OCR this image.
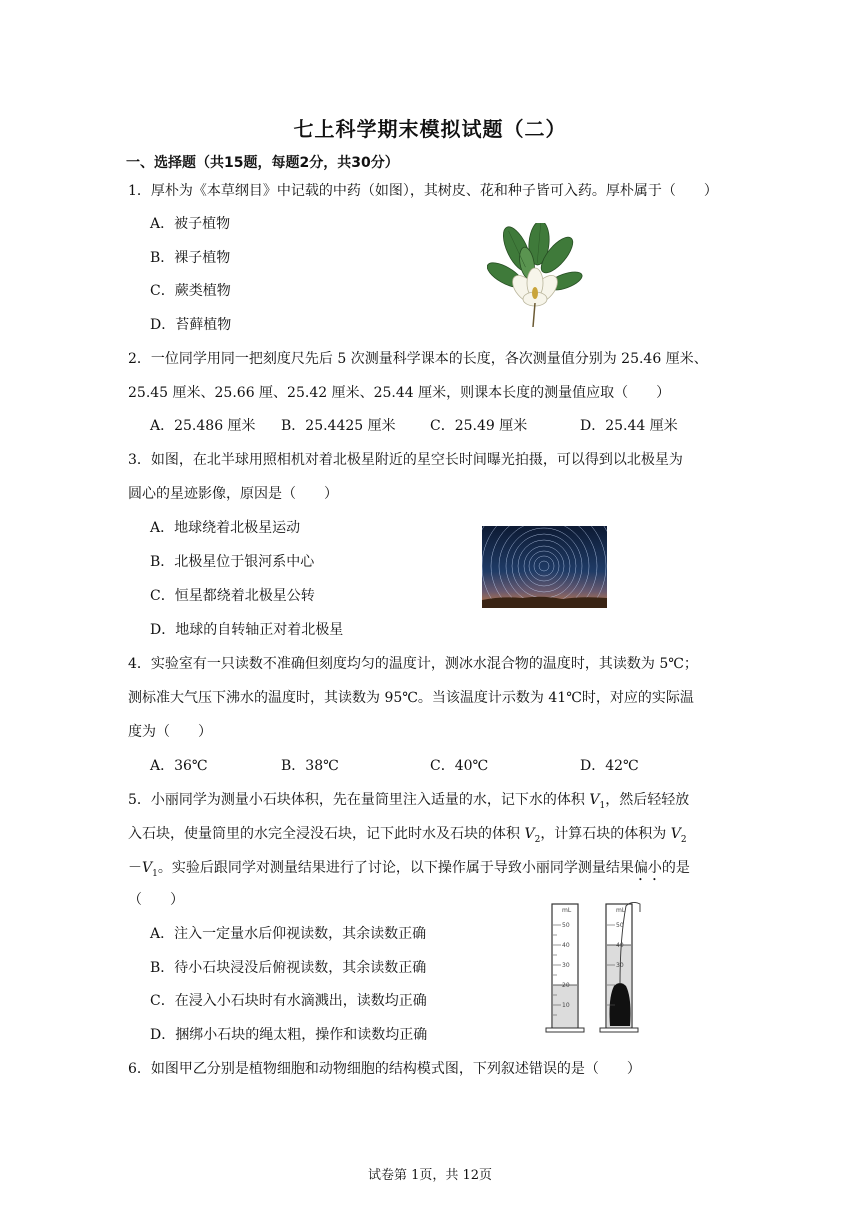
七上科学期末模拟试题（二）
一、选择题（共15题，每题2分，共30分）
1．厚朴为《本草纲目》中记载的中药（如图），其树皮、花和种子皆可入药。厚朴属于（　　）
A．被子植物
B．裸子植物
C．蕨类植物
D．苔藓植物
2．一位同学用同一把刻度尺先后 5 次测量科学课本的长度，各次测量值分别为 25.46 厘米、
25.45 厘米、25.66 厘、25.42 厘米、25.44 厘米，则课本长度的测量值应取（　　）
A．25.486 厘米 B．25.4425 厘米 C．25.49 厘米	D．25.44 厘米
3．如图，在北半球用照相机对着北极星附近的星空长时间曝光拍摄，可以得到以北极星为
圆心的星迹影像，原因是（　　）
A．地球绕着北极星运动
B．北极星位于银河系中心
C．恒星都绕着北极星公转
D．地球的自转轴正对着北极星
4．实验室有一只读数不准确但刻度均匀的温度计，测冰水混合物的温度时，其读数为 5℃；
测标准大气压下沸水的温度时，其读数为 95℃。当该温度计示数为 41℃时，对应的实际温
度为（　　）
A．36℃	B．38℃	C．40℃	D．42℃
5．小丽同学为测量小石块体积，先在量筒里注入适量的水，记下水的体积 $V_1$，然后轻轻放
入石块，使量筒里的水完全浸没石块，记下此时水及石块的体积 $V_2$，计算石块的体积为 $V_2$
$-V_1$。实验后跟同学对测量结果进行了讨论，以下操作属于导致小丽同学测量结果偏小的是
（　　）
A．注入一定量水后仰视读数，其余读数正确
B．待小石块浸没后俯视读数，其余读数正确
C．在浸入小石块时有水滴溅出，读数均正确
D．捆绑小石块的绳太粗，操作和读数均正确
mL
50
40
30
20
10
mL
50
40
30
6．如图甲乙分别是植物细胞和动物细胞的结构模式图，下列叙述错误的是（　　）
试卷第 1页，共 12页
